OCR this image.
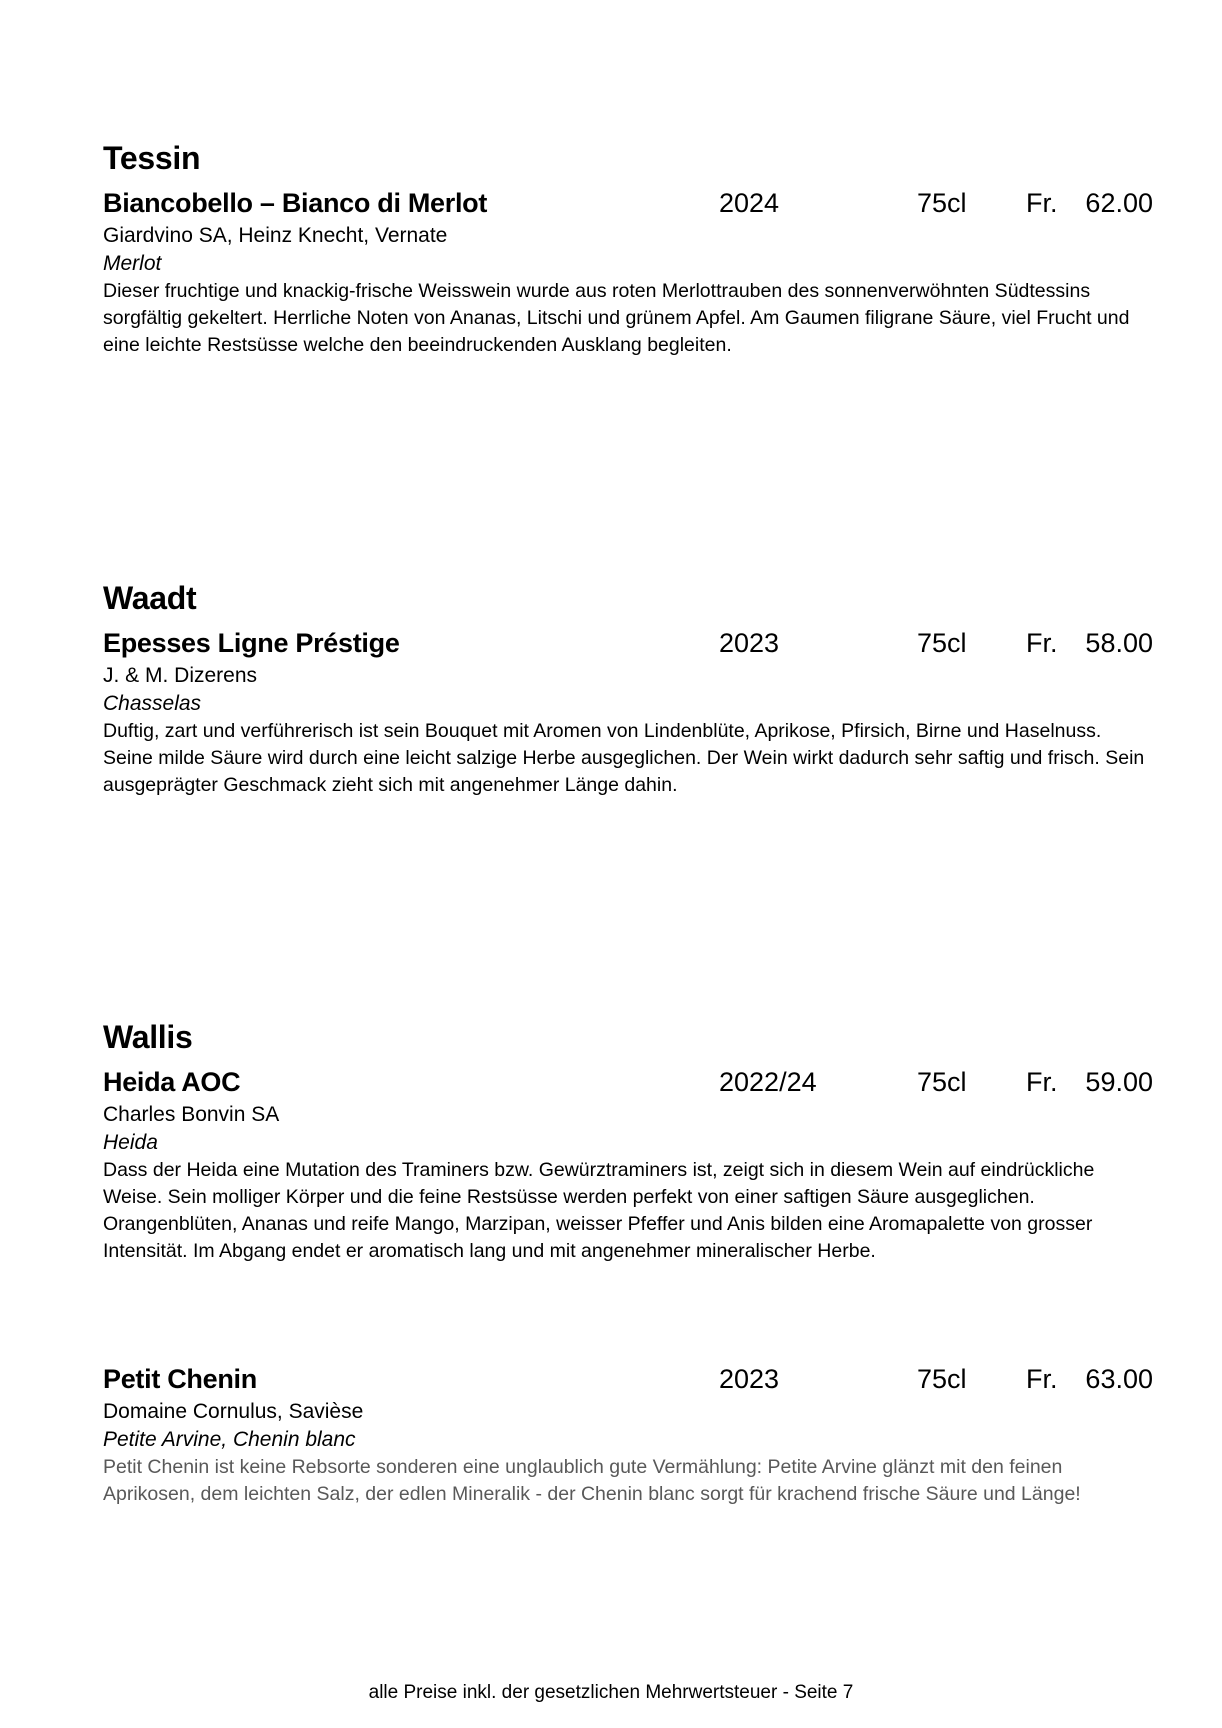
Tessin
Biancobello – Bianco di Merlot	2024	75cl Fr. 62.00
Giardvino SA, Heinz Knecht, Vernate
Merlot

Dieser fruchtige und knackig-frische Weisswein wurde aus roten Merlottrauben des sonnenverwöhnten Südtessins sorgfältig gekeltert. Herrliche Noten von Ananas, Litschi und grünem Apfel. Am Gaumen filigrane Säure, viel Frucht und eine leichte Restsüsse welche den beeindruckenden Ausklang begleiten.

Waadt
Epesses Ligne Préstige	2023	75cl Fr. 58.00
J. & M. Dizerens
Chasselas

Duftig, zart und verführerisch ist sein Bouquet mit Aromen von Lindenblüte, Aprikose, Pfirsich, Birne und Haselnuss. Seine milde Säure wird durch eine leicht salzige Herbe ausgeglichen. Der Wein wirkt dadurch sehr saftig und frisch. Sein ausgeprägter Geschmack zieht sich mit angenehmer Länge dahin.

Wallis
Heida AOC	2022/24	75cl Fr. 59.00
Charles Bonvin SA
Heida

Dass der Heida eine Mutation des Traminers bzw. Gewürztraminers ist, zeigt sich in diesem Wein auf eindrückliche Weise. Sein molliger Körper und die feine Restsüsse werden perfekt von einer saftigen Säure ausgeglichen. Orangenblüten, Ananas und reife Mango, Marzipan, weisser Pfeffer und Anis bilden eine Aromapalette von grosser Intensität. Im Abgang endet er aromatisch lang und mit angenehmer mineralischer Herbe.

Petit Chenin	2023	75cl Fr. 63.00
Domaine Cornulus, Savièse
Petite Arvine, Chenin blanc

Petit Chenin ist keine Rebsorte sonderen eine unglaublich gute Vermählung: Petite Arvine glänzt mit den feinen Aprikosen, dem leichten Salz, der edlen Mineralik - der Chenin blanc sorgt für krachend frische Säure und Länge!

alle Preise inkl. der gesetzlichen Mehrwertsteuer - Seite 7
